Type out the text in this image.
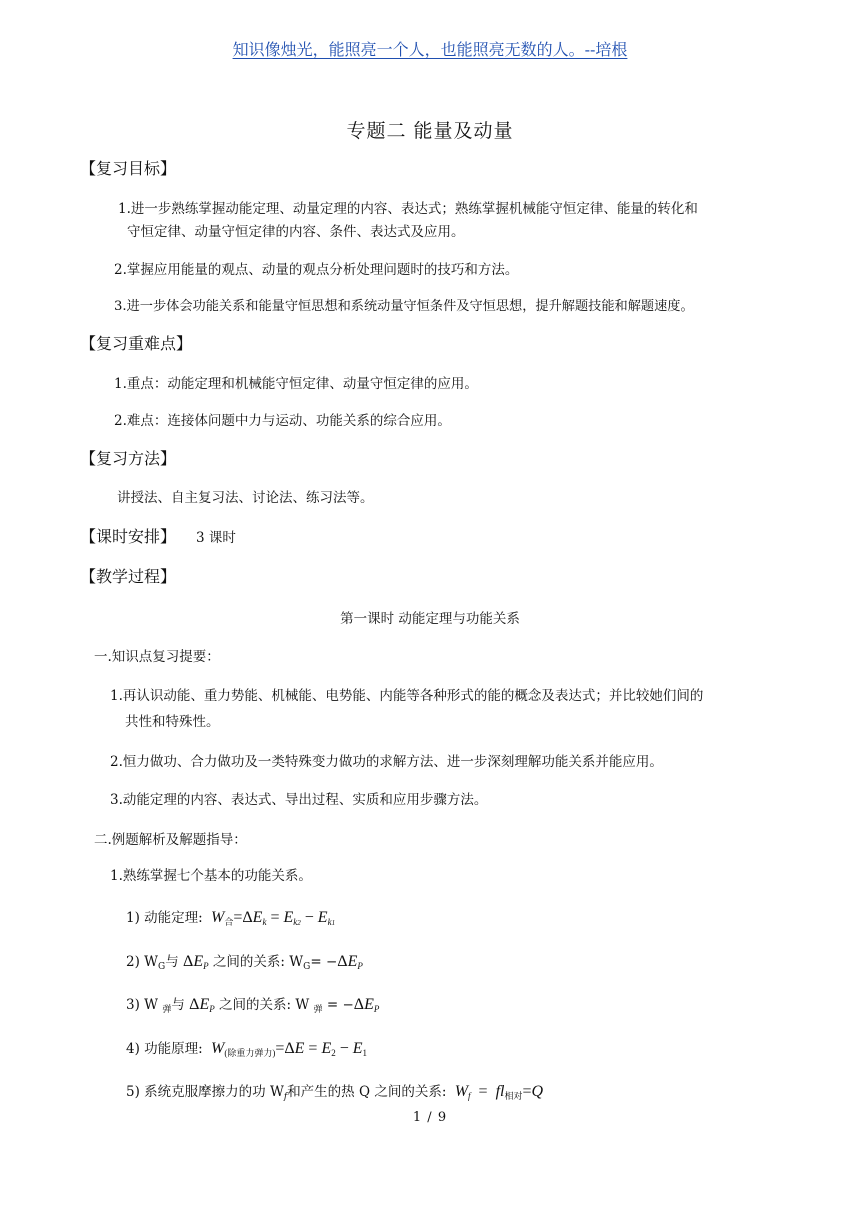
知识像烛光，能照亮一个人，也能照亮无数的人。--培根
专题二 能量及动量
【复习目标】
1.进一步熟练掌握动能定理、动量定理的内容、表达式；熟练掌握机械能守恒定律、能量的转化和
守恒定律、动量守恒定律的内容、条件、表达式及应用。
2.掌握应用能量的观点、动量的观点分析处理问题时的技巧和方法。
3.进一步体会功能关系和能量守恒思想和系统动量守恒条件及守恒思想，提升解题技能和解题速度。
【复习重难点】
1.重点：动能定理和机械能守恒定律、动量守恒定律的应用。
2.难点：连接体问题中力与运动、功能关系的综合应用。
【复习方法】
讲授法、自主复习法、讨论法、练习法等。
【课时安排】 3 课时
【教学过程】
第一课时 动能定理与功能关系
一.知识点复习提要：
1.再认识动能、重力势能、机械能、电势能、内能等各种形式的能的概念及表达式；并比较她们间的
共性和特殊性。
2.恒力做功、合力做功及一类特殊变力做功的求解方法、进一步深刻理解功能关系并能应用。
3.动能定理的内容、表达式、导出过程、实质和应用步骤方法。
二.例题解析及解题指导：
1.熟练掌握七个基本的功能关系。
1) 动能定理:  $W_合=\Delta Ek = Ek2 - Ek1$
2) $W_G$与 ΔEP 之间的关系: $W_G= -\Delta EP$
3) W $_弹$与 ΔEP 之间的关系: W $_弹$ = −ΔEP
4) 功能原理:  $W_{(除重力弹力)}=\Delta E = E_2 - E_1$
5) 系统克服摩擦力的功 $W_f$和产生的热 Q 之间的关系:  $Wf = fl_{相对}=Q$
1 / 9
